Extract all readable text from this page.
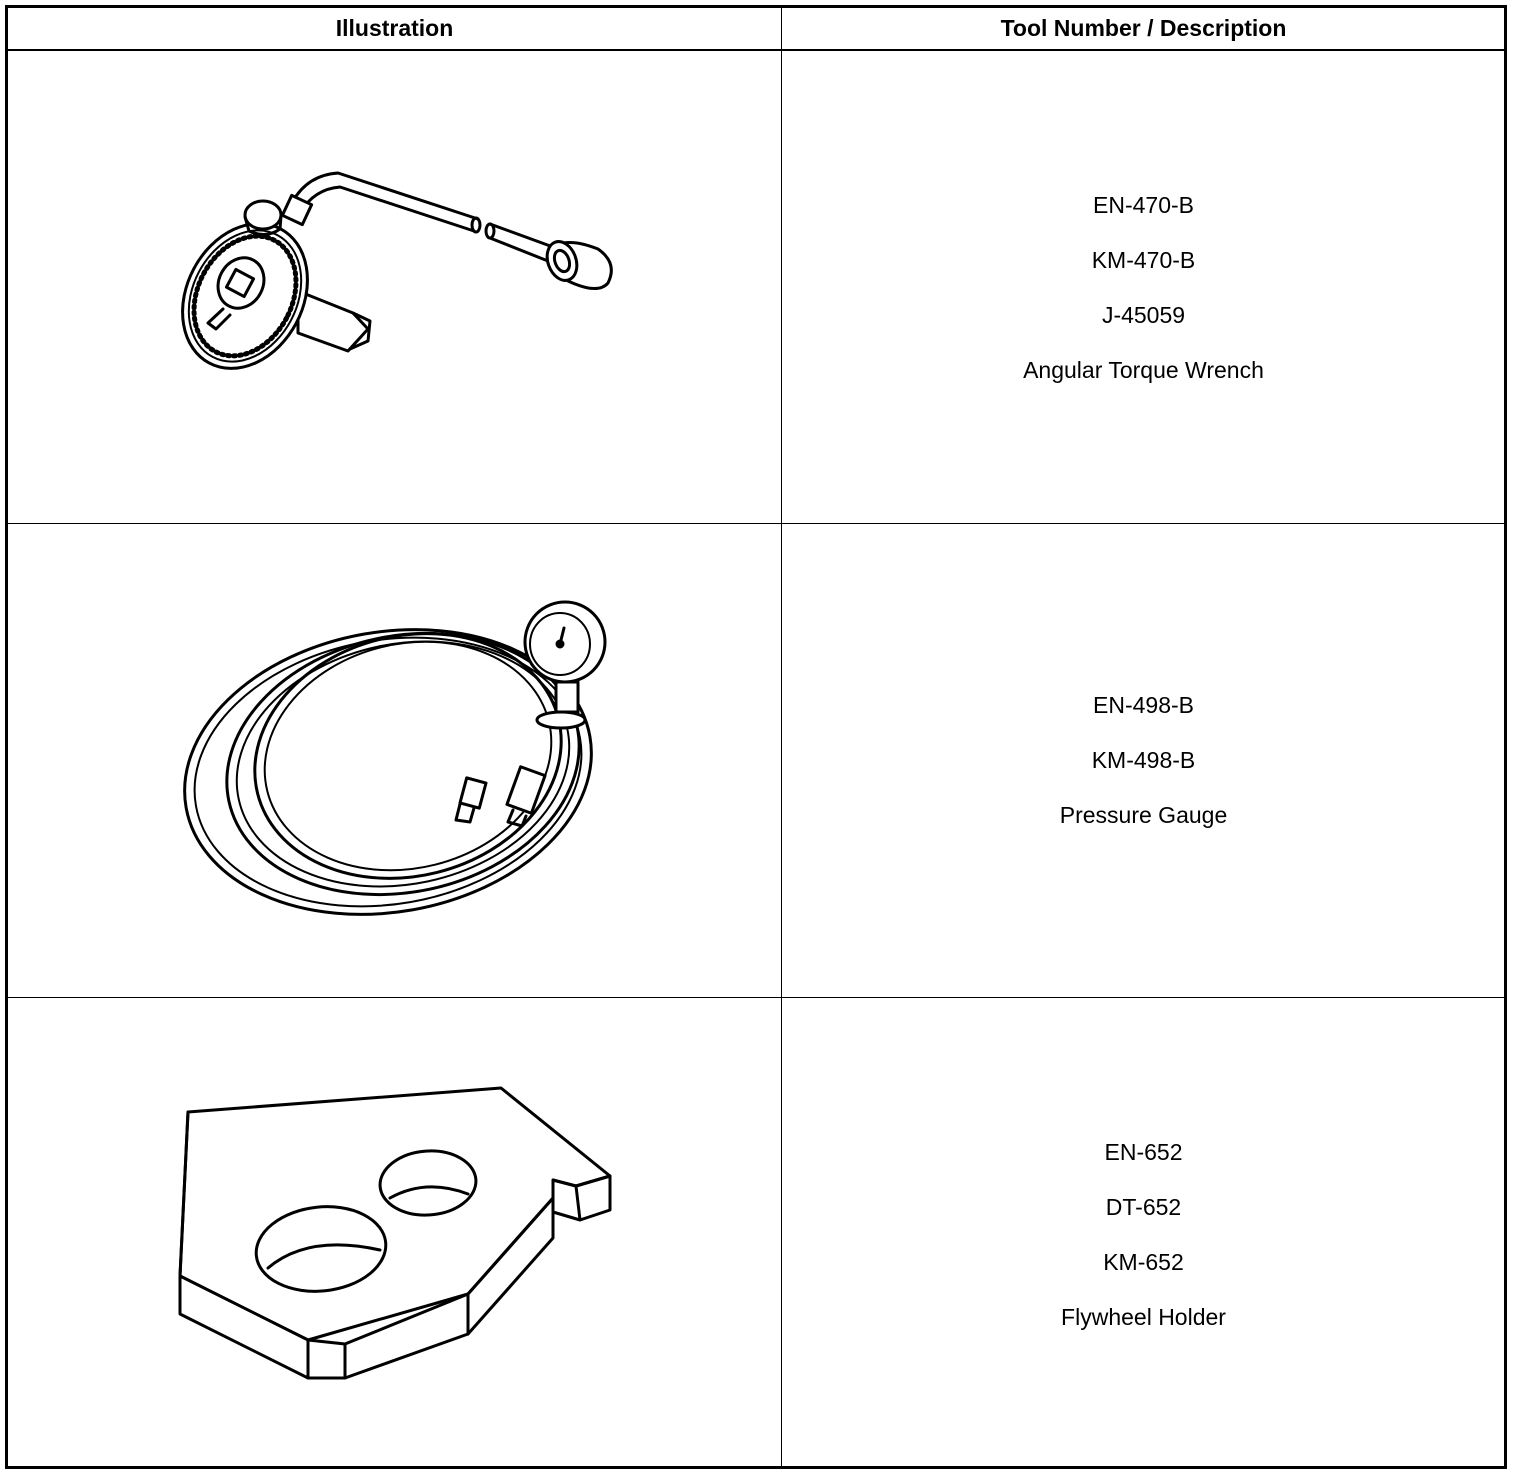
Illustration	Tool Number / Description
EN-470-B
KM-470-B
J-45059
Angular Torque Wrench
EN-498-B
KM-498-B
Pressure Gauge
EN-652
DT-652
KM-652
Flywheel Holder
